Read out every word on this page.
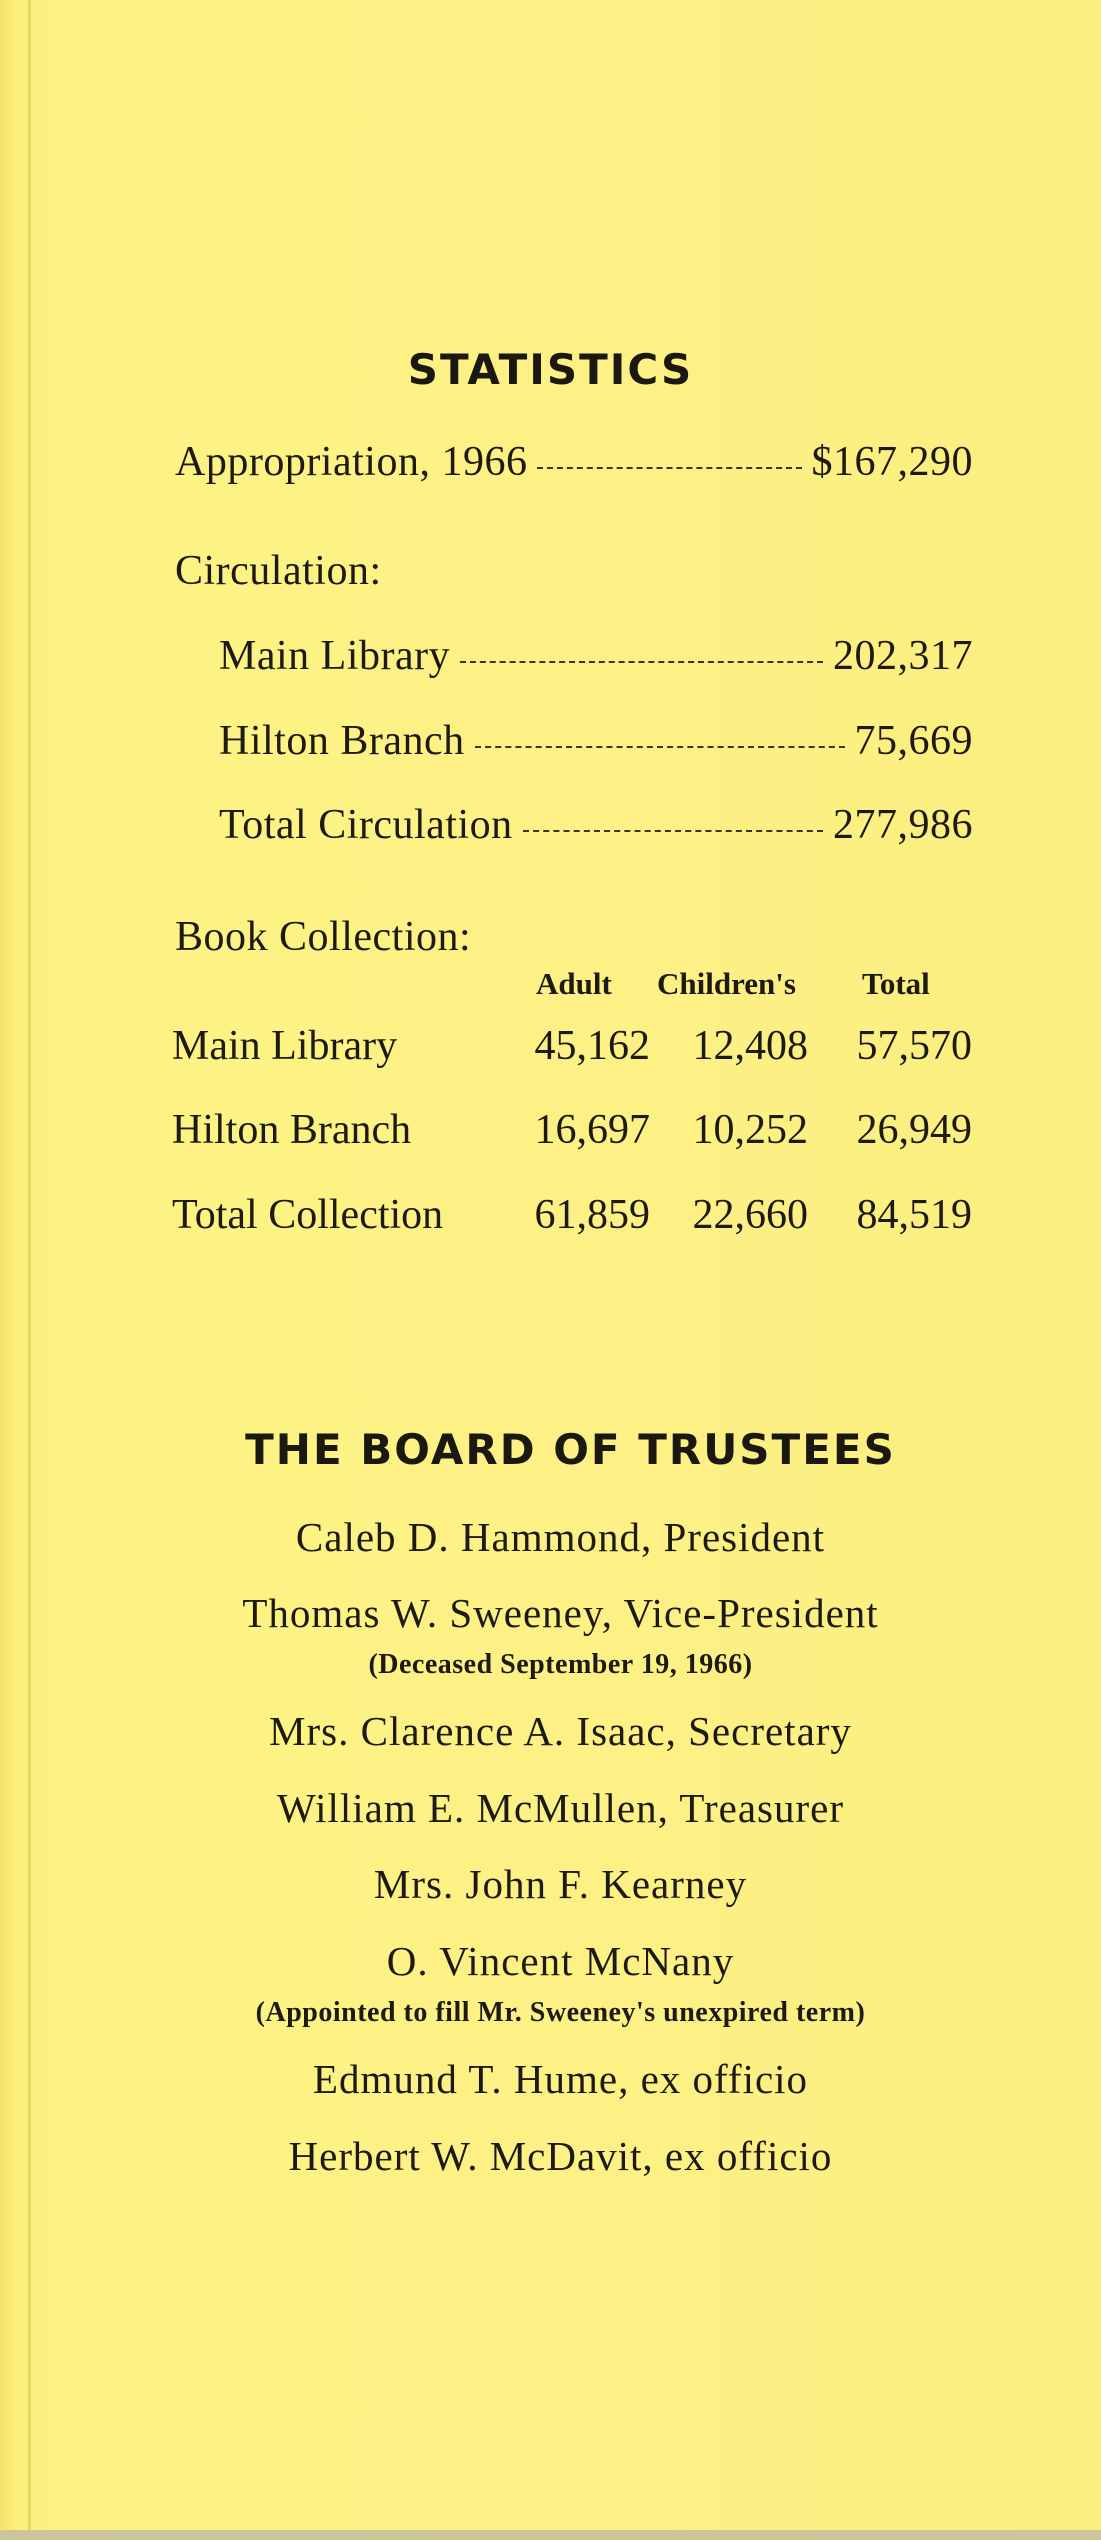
STATISTICS
Appropriation, 1966	$167,290
Circulation:
Main Library	202,317
Hilton Branch	75,669
Total Circulation	277,986
Book Collection:
Adult Children's Total
Main Library	45,162 12,408 57,570
Hilton Branch	16,697 10,252 26,949
Total Collection 61,859 22,660 84,519
THE BOARD OF TRUSTEES
Caleb D. Hammond, President
Thomas W. Sweeney, Vice-President
(Deceased September 19, 1966)
Mrs. Clarence A. Isaac, Secretary
William E. McMullen, Treasurer
Mrs. John F. Kearney
O. Vincent McNany
(Appointed to fill Mr. Sweeney's unexpired term)
Edmund T. Hume, ex officio
Herbert W. McDavit, ex officio
